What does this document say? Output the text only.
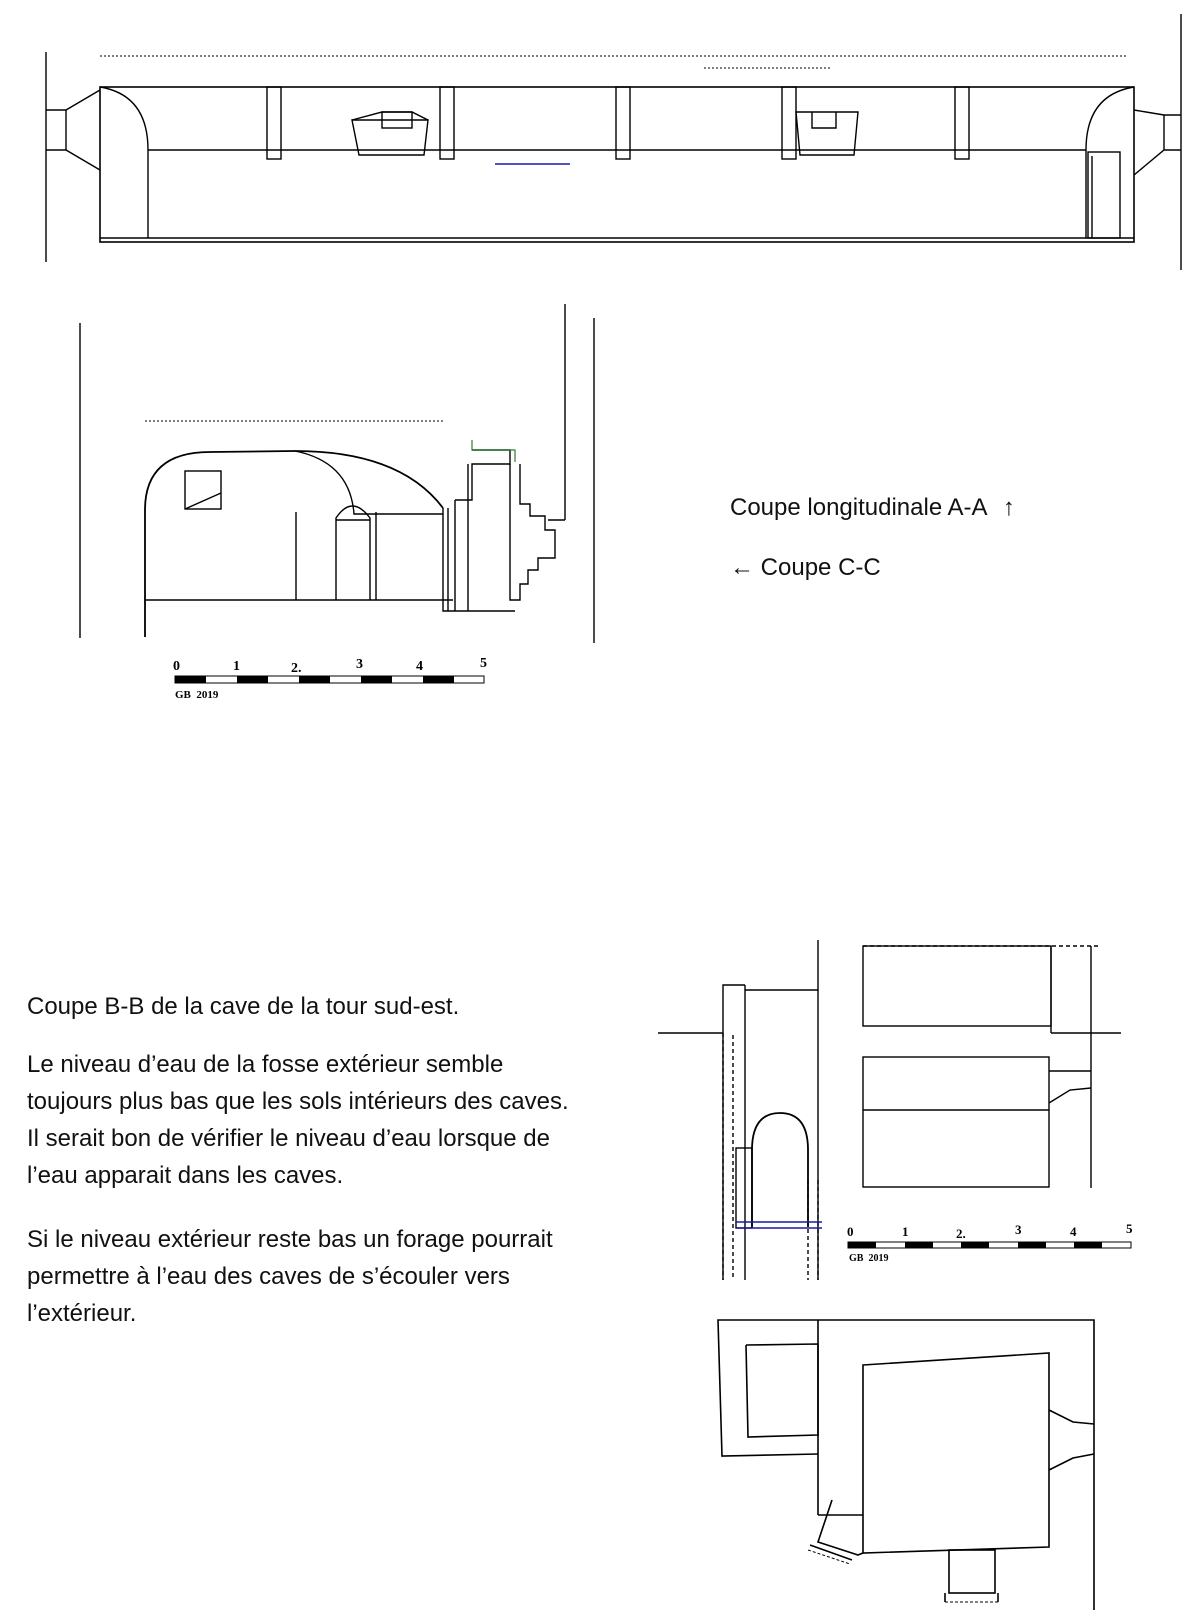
0	1	2.	3	4	5
GB  2019
0	1	2.	3	4	5
GB  2019
Coupe longitudinale A-A ↑
← Coupe C-C

Coupe B-B de la cave de la tour sud-est.

Le niveau d’eau de la fosse extérieur semble toujours plus bas que les sols intérieurs des caves. Il serait bon de vérifier le niveau d’eau lorsque de l’eau apparait dans les caves.

Si le niveau extérieur reste bas un forage pourrait permettre à l’eau des caves de s’écouler vers l’extérieur.
